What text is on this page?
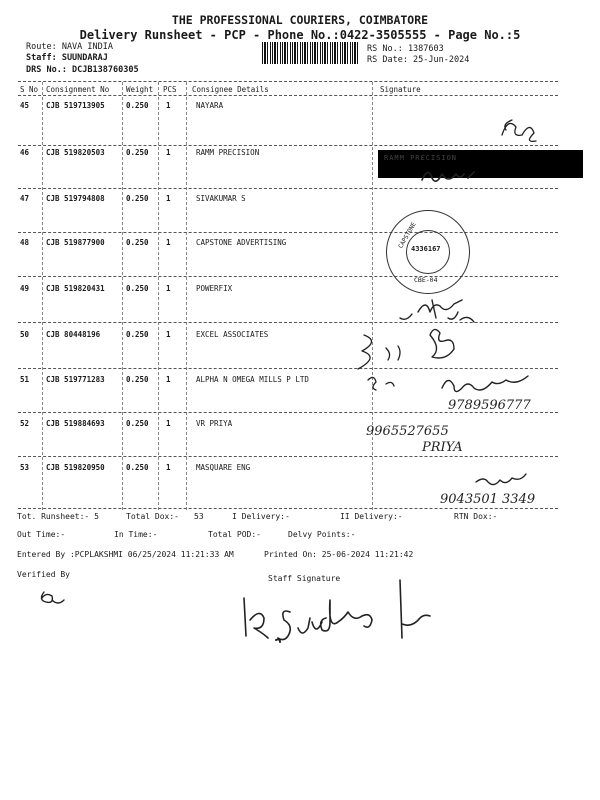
THE PROFESSIONAL COURIERS, COIMBATORE
Delivery Runsheet - PCP - Phone No.:0422-3505555 - Page No.:5
Route: NAVA INDIA
Staff: SUUNDARAJ
DRS No.: DCJB138760305
RS No.: 1387603
RS Date: 25-Jun-2024
S No Consignment No Weight PCS Consignee Details	Signature
45 CJB 519713905	0.250 1	NAYARA
46 CJB 519820503	0.250 1	RAMM PRECISION
47 CJB 519794808	0.250 1	SIVAKUMAR S
48 CJB 519877900	0.250 1	CAPSTONE ADVERTISING
49 CJB 519820431	0.250 1	POWERFIX
50 CJB 80448196	0.250 1	EXCEL ASSOCIATES
51 CJB 519771283	0.250 1	ALPHA N OMEGA MILLS P LTD
52 CJB 519884693	0.250 1	VR PRIYA
53 CJB 519820950	0.250 1	MASQUARE ENG
4336167
CBE-04
CAPSTONE
RAMM PRECISION
9789596777
9965527655
PRIYA
9043501 3349
Tot. Runsheet:- 5	Total Dox:- 53	I Delivery:-	II Delivery:-	RTN Dox:-
Out Time:-	In Time:-	Total POD:-	Delvy Points:-
Entered By :PCPLAKSHMI 06/25/2024 11:21:33 AM	Printed On: 25-06-2024 11:21:42
Verified By	Staff Signature
